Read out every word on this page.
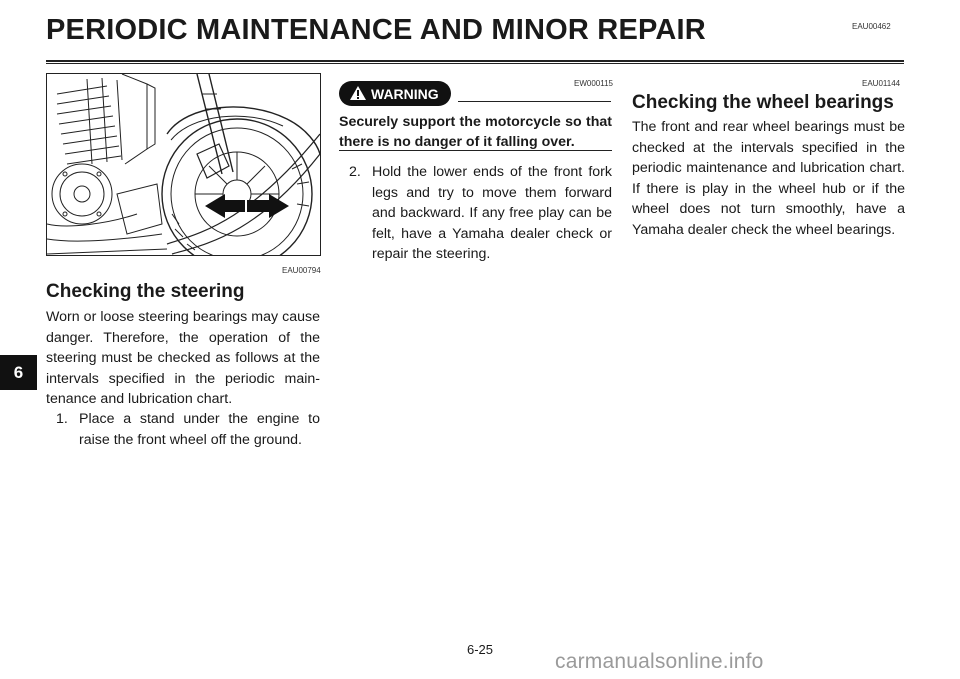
PERIODIC MAINTENANCE AND MINOR REPAIR	EAU00462
6
EAU00794
Checking the steering
Worn or loose steering bearings may cause danger. Therefore, the operation of the steering must be checked as follows at the intervals specified in the periodic main-tenance and lubrication chart.
1. Place a stand under the engine to raise the front wheel off the ground.
EW000115
WARNING
Securely support the motorcycle so that there is no danger of it falling over.
2. Hold the lower ends of the front fork legs and try to move them forward and backward. If any free play can be felt, have a Yamaha dealer check or repair the steering.
EAU01144
Checking the wheel bearings
The front and rear wheel bearings must be checked at the intervals specified in the periodic maintenance and lubrication chart. If there is play in the wheel hub or if the wheel does not turn smoothly, have a Yamaha dealer check the wheel bearings.
6-25
carmanualsonline.info
